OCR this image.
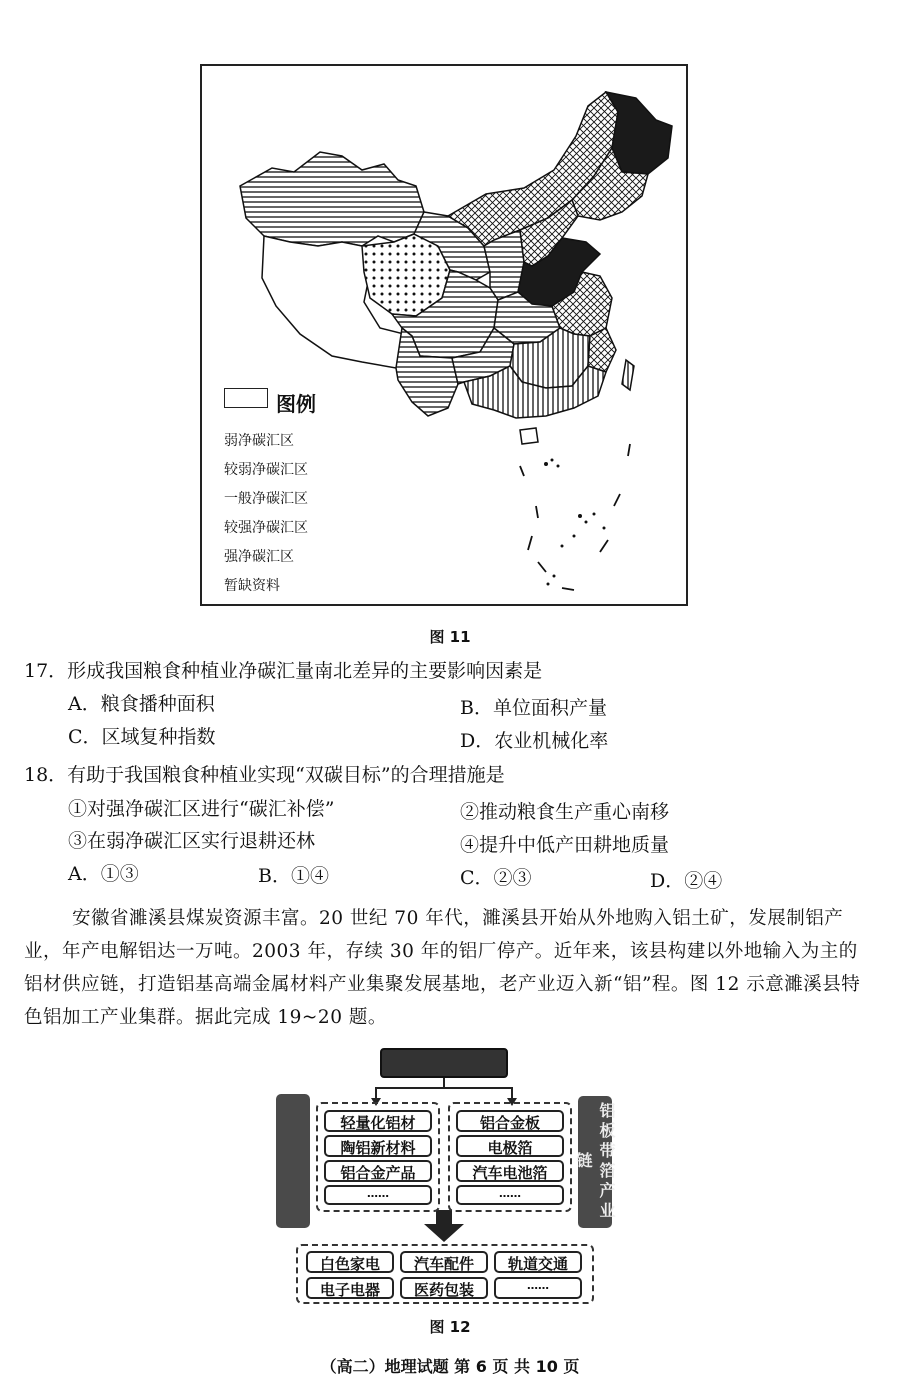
图例
弱净碳汇区
较弱净碳汇区
一般净碳汇区
较强净碳汇区
强净碳汇区
暂缺资料
图 11
17．形成我国粮食种植业净碳汇量南北差异的主要影响因素是
A．粮食播种面积	B．单位面积产量
C．区域复种指数	D．农业机械化率
18．有助于我国粮食种植业实现“双碳目标”的合理措施是
①对强净碳汇区进行“碳汇补偿”	②推动粮食生产重心南移
③在弱净碳汇区实行退耕还林	④提升中低产田耕地质量
A．①③	B．①④	C．②③	D．②④
安徽省濉溪县煤炭资源丰富。20 世纪 70 年代，濉溪县开始从外地购入铝土矿，发展制铝产业，年产电解铝达一万吨。2003 年，存续 30 年的铝厂停产。近年来，该县构建以外地输入为主的铝材供应链，打造铝基高端金属材料产业集聚发展基地，老产业迈入新“铝”程。图 12 示意濉溪县特色铝加工产业集群。据此完成 19~20 题。
铝板带箔产业链
轻量化铝材
陶铝新材料
铝合金产品
……
铝合金板
电极箔
汽车电池箔
……
白色家电	汽车配件	轨道交通
电子电器	医药包装	……
图 12
（高二）地理试题 第 6 页 共 10 页
